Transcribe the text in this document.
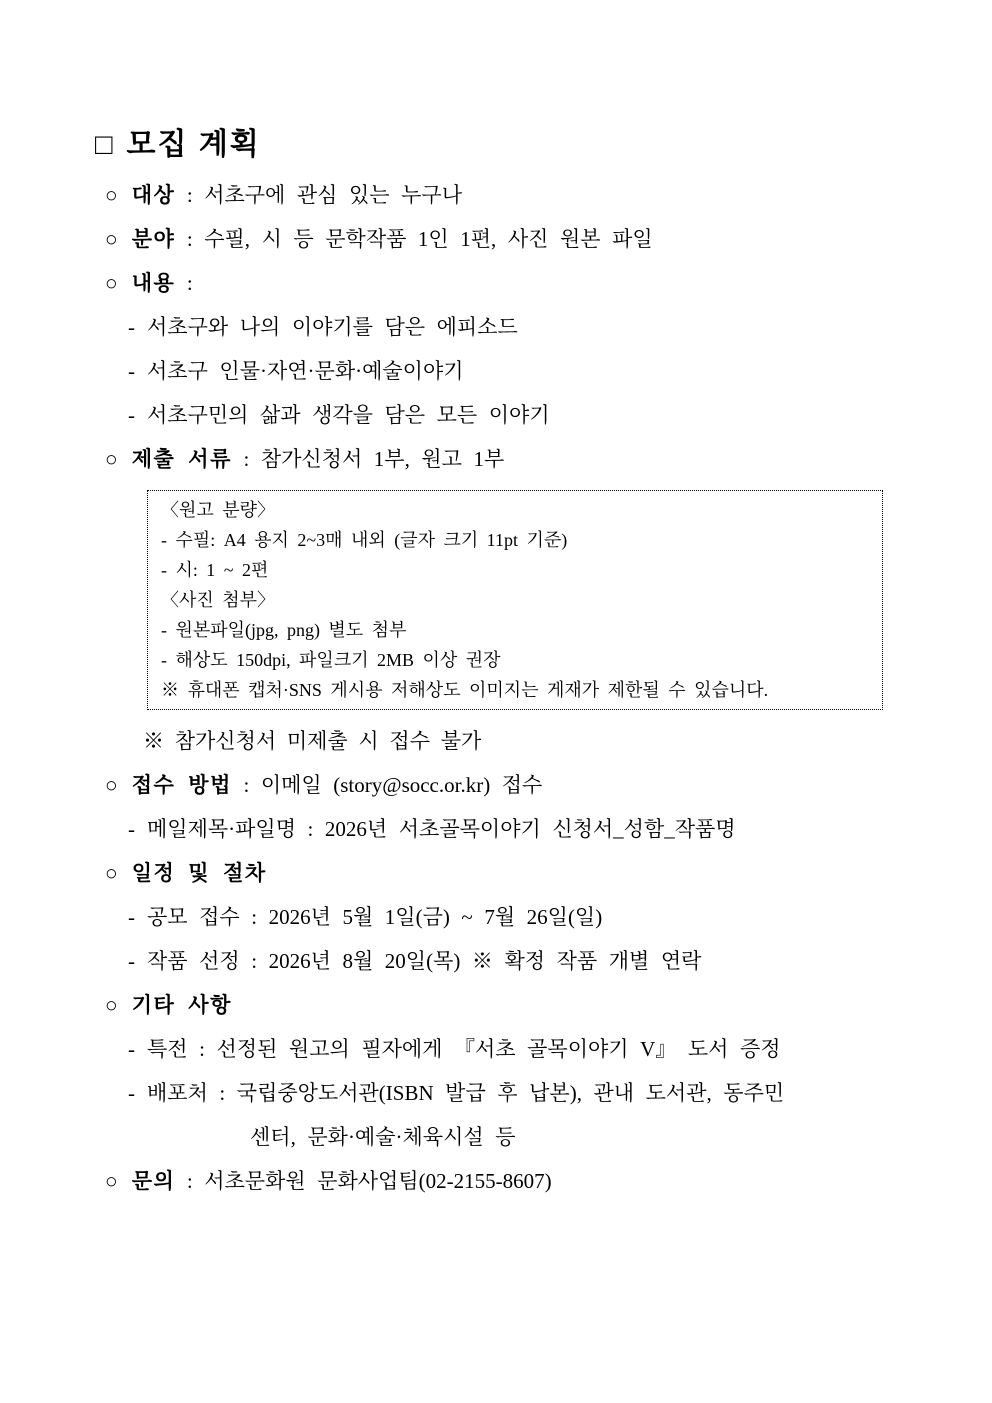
□ 모집 계획
○ 대상 : 서초구에 관심 있는 누구나
○ 분야 : 수필, 시 등 문학작품 1인 1편, 사진 원본 파일
○ 내용 :
- 서초구와 나의 이야기를 담은 에피소드
- 서초구 인물·자연·문화·예술이야기
- 서초구민의 삶과 생각을 담은 모든 이야기
○ 제출 서류 : 참가신청서 1부, 원고 1부
〈원고 분량〉
- 수필: A4 용지 2~3매 내외 (글자 크기 11pt 기준)
- 시: 1 ~ 2편
〈사진 첨부〉
- 원본파일(jpg, png) 별도 첨부
- 해상도 150dpi, 파일크기 2MB 이상 권장
※ 휴대폰 캡처·SNS 게시용 저해상도 이미지는 게재가 제한될 수 있습니다.
※ 참가신청서 미제출 시 접수 불가
○ 접수 방법 : 이메일 (story@socc.or.kr) 접수
- 메일제목·파일명 : 2026년 서초골목이야기 신청서_성함_작품명
○ 일정 및 절차
- 공모 접수 : 2026년 5월 1일(금) ~ 7월 26일(일)
- 작품 선정 : 2026년 8월 20일(목) ※ 확정 작품 개별 연락
○ 기타 사항
- 특전 : 선정된 원고의 필자에게 『서초 골목이야기 V』 도서 증정
- 배포처 : 국립중앙도서관(ISBN 발급 후 납본), 관내 도서관, 동주민
센터, 문화·예술·체육시설 등
○ 문의 : 서초문화원 문화사업팀(02-2155-8607)
